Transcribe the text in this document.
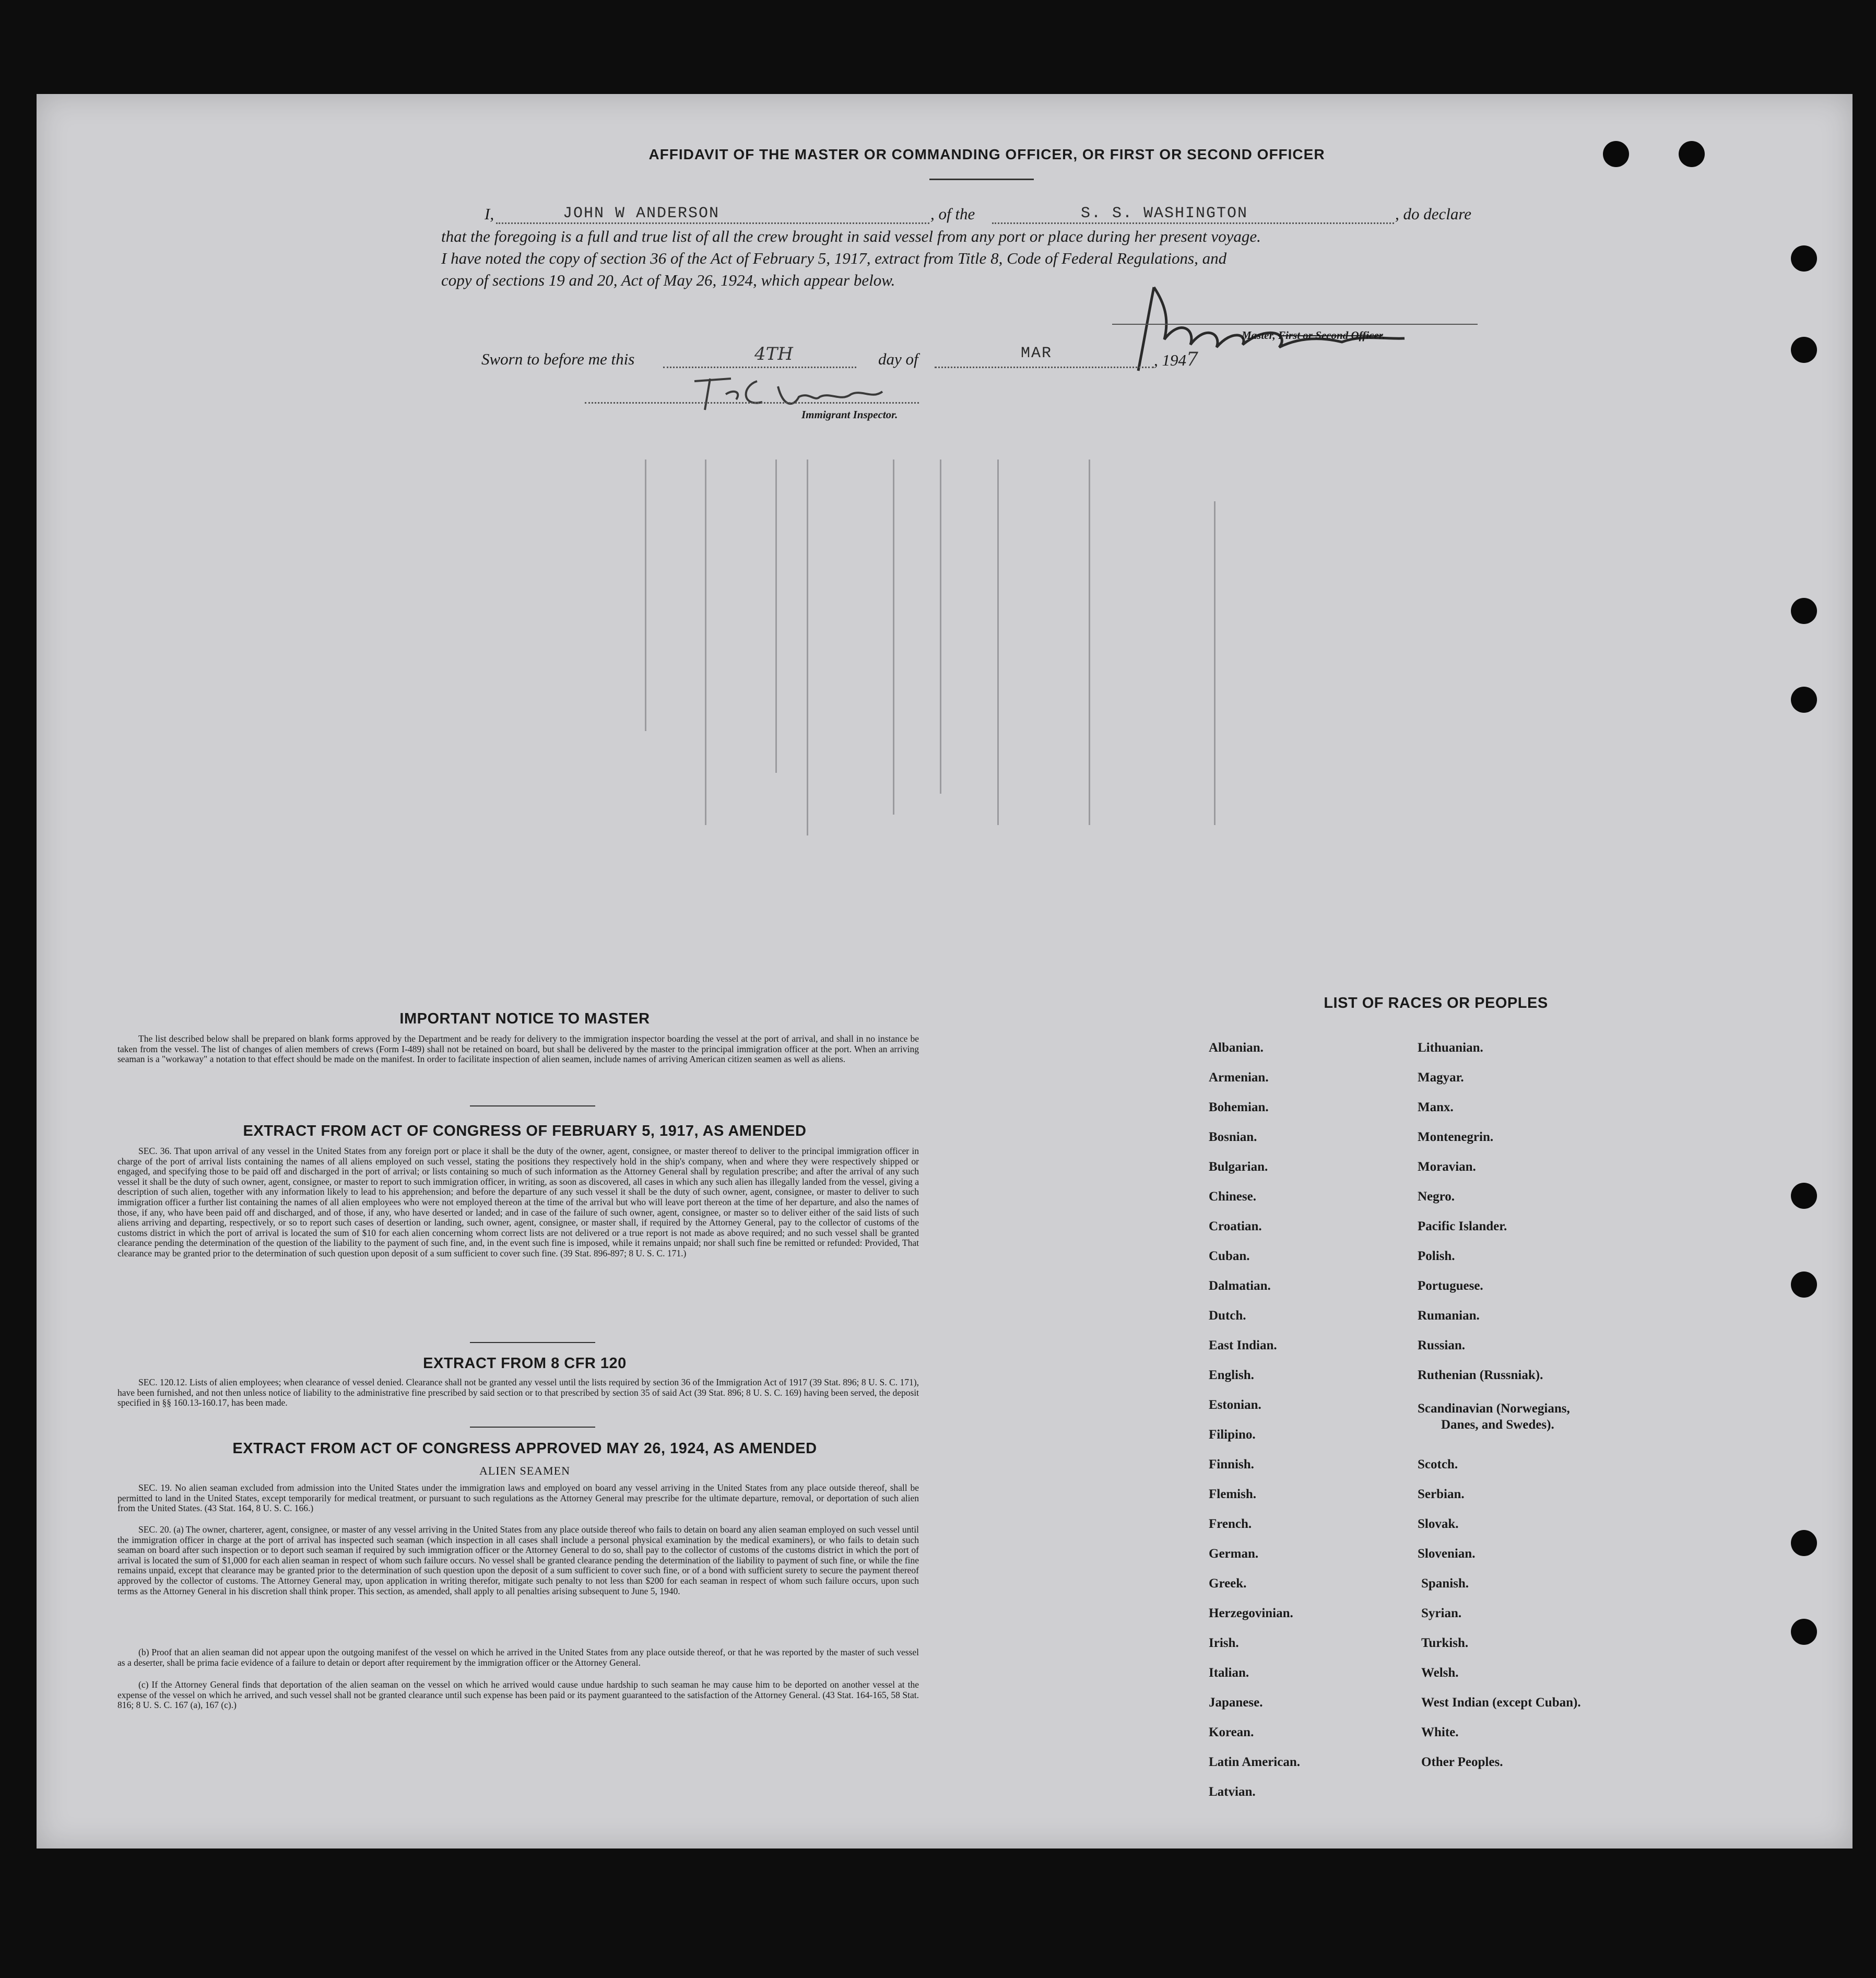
AFFIDAVIT OF THE MASTER OR COMMANDING OFFICER, OR FIRST OR SECOND OFFICER
I,	JOHN W ANDERSON	, of the	S. S. WASHINGTON	, do declare
that the foregoing is a full and true list of all the crew brought in said vessel from any port or place during her present voyage.
I have noted the copy of section 36 of the Act of February 5, 1917, extract from Title 8, Code of Federal Regulations, and
copy of sections 19 and 20, Act of May 26, 1924, which appear below.
Master, First or Second Officer.
Sworn to before me this	4TH	day of	MAR	, 1947
Immigrant Inspector.
IMPORTANT NOTICE TO MASTER
The list described below shall be prepared on blank forms approved by the Department and be ready for delivery to the immigration inspector boarding the vessel at the port of arrival, and shall in no instance be taken from the vessel. The list of changes of alien members of crews (Form I-489) shall not be retained on board, but shall be delivered by the master to the principal immigration officer at the port. When an arriving seaman is a "workaway" a notation to that effect should be made on the manifest. In order to facilitate inspection of alien seamen, include names of arriving American citizen seamen as well as aliens.
EXTRACT FROM ACT OF CONGRESS OF FEBRUARY 5, 1917, AS AMENDED
SEC. 36. That upon arrival of any vessel in the United States from any foreign port or place it shall be the duty of the owner, agent, consignee, or master thereof to deliver to the principal immigration officer in charge of the port of arrival lists containing the names of all aliens employed on such vessel, stating the positions they respectively hold in the ship's company, when and where they were respectively shipped or engaged, and specifying those to be paid off and discharged in the port of arrival; or lists containing so much of such information as the Attorney General shall by regulation prescribe; and after the arrival of any such vessel it shall be the duty of such owner, agent, consignee, or master to report to such immigration officer, in writing, as soon as discovered, all cases in which any such alien has illegally landed from the vessel, giving a description of such alien, together with any information likely to lead to his apprehension; and before the departure of any such vessel it shall be the duty of such owner, agent, consignee, or master to deliver to such immigration officer a further list containing the names of all alien employees who were not employed thereon at the time of the arrival but who will leave port thereon at the time of her departure, and also the names of those, if any, who have been paid off and discharged, and of those, if any, who have deserted or landed; and in case of the failure of such owner, agent, consignee, or master so to deliver either of the said lists of such aliens arriving and departing, respectively, or so to report such cases of desertion or landing, such owner, agent, consignee, or master shall, if required by the Attorney General, pay to the collector of customs of the customs district in which the port of arrival is located the sum of $10 for each alien concerning whom correct lists are not delivered or a true report is not made as above required; and no such vessel shall be granted clearance pending the determination of the question of the liability to the payment of such fine, and, in the event such fine is imposed, while it remains unpaid; nor shall such fine be remitted or refunded: Provided, That clearance may be granted prior to the determination of such question upon deposit of a sum sufficient to cover such fine. (39 Stat. 896-897; 8 U. S. C. 171.)
EXTRACT FROM 8 CFR 120
SEC. 120.12. Lists of alien employees; when clearance of vessel denied. Clearance shall not be granted any vessel until the lists required by section 36 of the Immigration Act of 1917 (39 Stat. 896; 8 U. S. C. 171), have been furnished, and not then unless notice of liability to the administrative fine prescribed by said section or to that prescribed by section 35 of said Act (39 Stat. 896; 8 U. S. C. 169) having been served, the deposit specified in §§ 160.13-160.17, has been made.
EXTRACT FROM ACT OF CONGRESS APPROVED MAY 26, 1924, AS AMENDED
ALIEN SEAMEN
SEC. 19. No alien seaman excluded from admission into the United States under the immigration laws and employed on board any vessel arriving in the United States from any place outside thereof, shall be permitted to land in the United States, except temporarily for medical treatment, or pursuant to such regulations as the Attorney General may prescribe for the ultimate departure, removal, or deportation of such alien from the United States. (43 Stat. 164, 8 U. S. C. 166.)
SEC. 20. (a) The owner, charterer, agent, consignee, or master of any vessel arriving in the United States from any place outside thereof who fails to detain on board any alien seaman employed on such vessel until the immigration officer in charge at the port of arrival has inspected such seaman (which inspection in all cases shall include a personal physical examination by the medical examiners), or who fails to detain such seaman on board after such inspection or to deport such seaman if required by such immigration officer or the Attorney General to do so, shall pay to the collector of customs of the customs district in which the port of arrival is located the sum of $1,000 for each alien seaman in respect of whom such failure occurs. No vessel shall be granted clearance pending the determination of the liability to payment of such fine, or while the fine remains unpaid, except that clearance may be granted prior to the determination of such question upon the deposit of a sum sufficient to cover such fine, or of a bond with sufficient surety to secure the payment thereof approved by the collector of customs. The Attorney General may, upon application in writing therefor, mitigate such penalty to not less than $200 for each seaman in respect of whom such failure occurs, upon such terms as the Attorney General in his discretion shall think proper. This section, as amended, shall apply to all penalties arising subsequent to June 5, 1940.
(b) Proof that an alien seaman did not appear upon the outgoing manifest of the vessel on which he arrived in the United States from any place outside thereof, or that he was reported by the master of such vessel as a deserter, shall be prima facie evidence of a failure to detain or deport after requirement by the immigration officer or the Attorney General.
(c) If the Attorney General finds that deportation of the alien seaman on the vessel on which he arrived would cause undue hardship to such seaman he may cause him to be deported on another vessel at the expense of the vessel on which he arrived, and such vessel shall not be granted clearance until such expense has been paid or its payment guaranteed to the satisfaction of the Attorney General. (43 Stat. 164-165, 58 Stat. 816; 8 U. S. C. 167 (a), 167 (c).)
LIST OF RACES OR PEOPLES
Albanian.
Armenian.
Bohemian.
Bosnian.
Bulgarian.
Chinese.
Croatian.
Cuban.
Dalmatian.
Dutch.
East Indian.
English.
Estonian.
Filipino.
Finnish.
Flemish.
French.
German.
Greek.
Herzegovinian.
Irish.
Italian.
Japanese.
Korean.
Latin American.
Latvian.
Lithuanian.
Magyar.
Manx.
Montenegrin.
Moravian.
Negro.
Pacific Islander.
Polish.
Portuguese.
Rumanian.
Russian.
Ruthenian (Russniak).
Scandinavian (Norwegians,
Danes, and Swedes).
Scotch.
Serbian.
Slovak.
Slovenian.
Spanish.
Syrian.
Turkish.
Welsh.
West Indian (except Cuban).
White.
Other Peoples.
